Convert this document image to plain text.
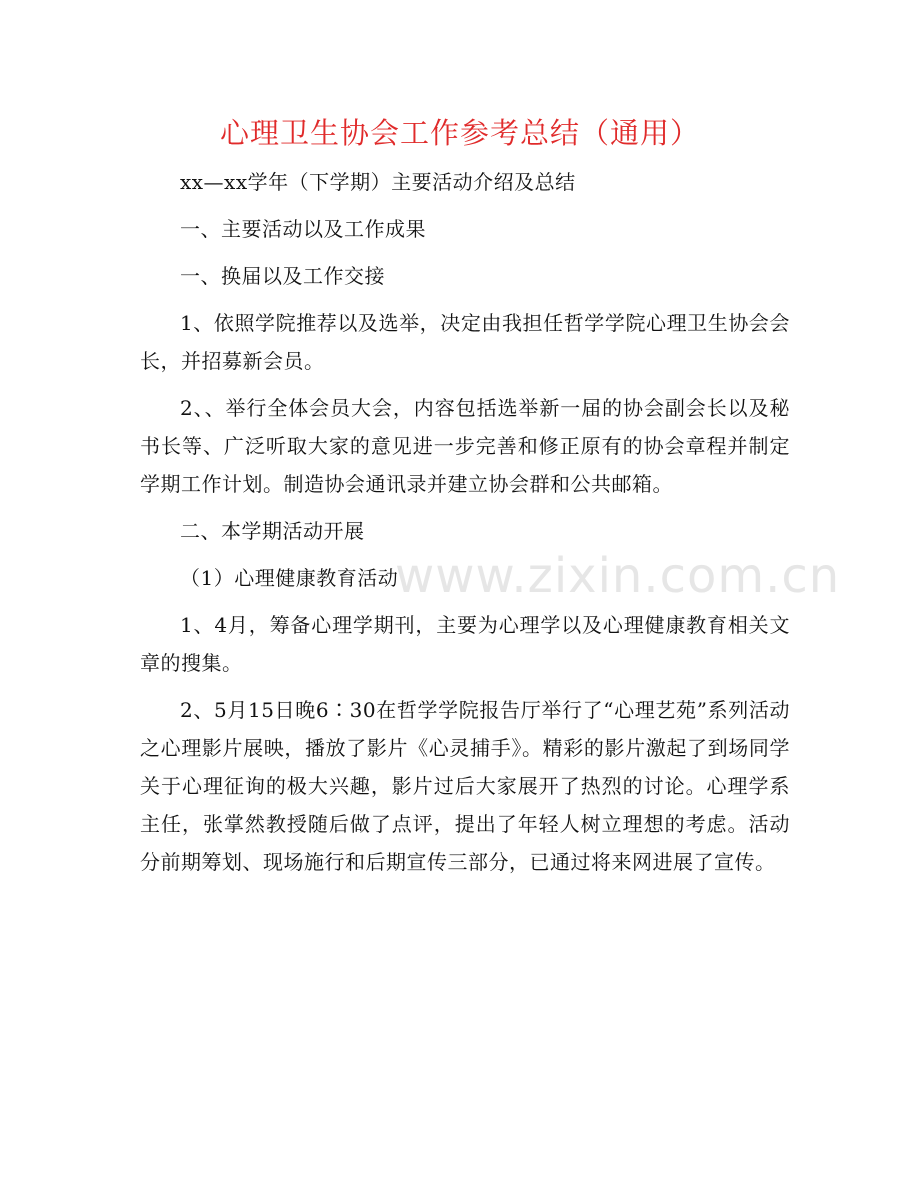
心理卫生协会工作参考总结（通用）

xx—xx学年（下学期）主要活动介绍及总结

一、主要活动以及工作成果

一、换届以及工作交接

1、依照学院推荐以及选举，决定由我担任哲学学院心理卫生协会会长，并招募新会员。

2、、举行全体会员大会，内容包括选举新一届的协会副会长以及秘书长等、广泛听取大家的意见进一步完善和修正原有的协会章程并制定学期工作计划。制造协会通讯录并建立协会群和公共邮箱。

二、本学期活动开展

（1）心理健康教育活动

1、4月，筹备心理学期刊，主要为心理学以及心理健康教育相关文章的搜集。

2、5月15日晚6∶30在哲学学院报告厅举行了“心理艺苑”系列活动之心理影片展映，播放了影片《心灵捕手》。精彩的影片激起了到场同学关于心理征询的极大兴趣，影片过后大家展开了热烈的讨论。心理学系主任，张掌然教授随后做了点评，提出了年轻人树立理想的考虑。活动分前期筹划、现场施行和后期宣传三部分，已通过将来网进展了宣传。

www.zixin.com.cn
